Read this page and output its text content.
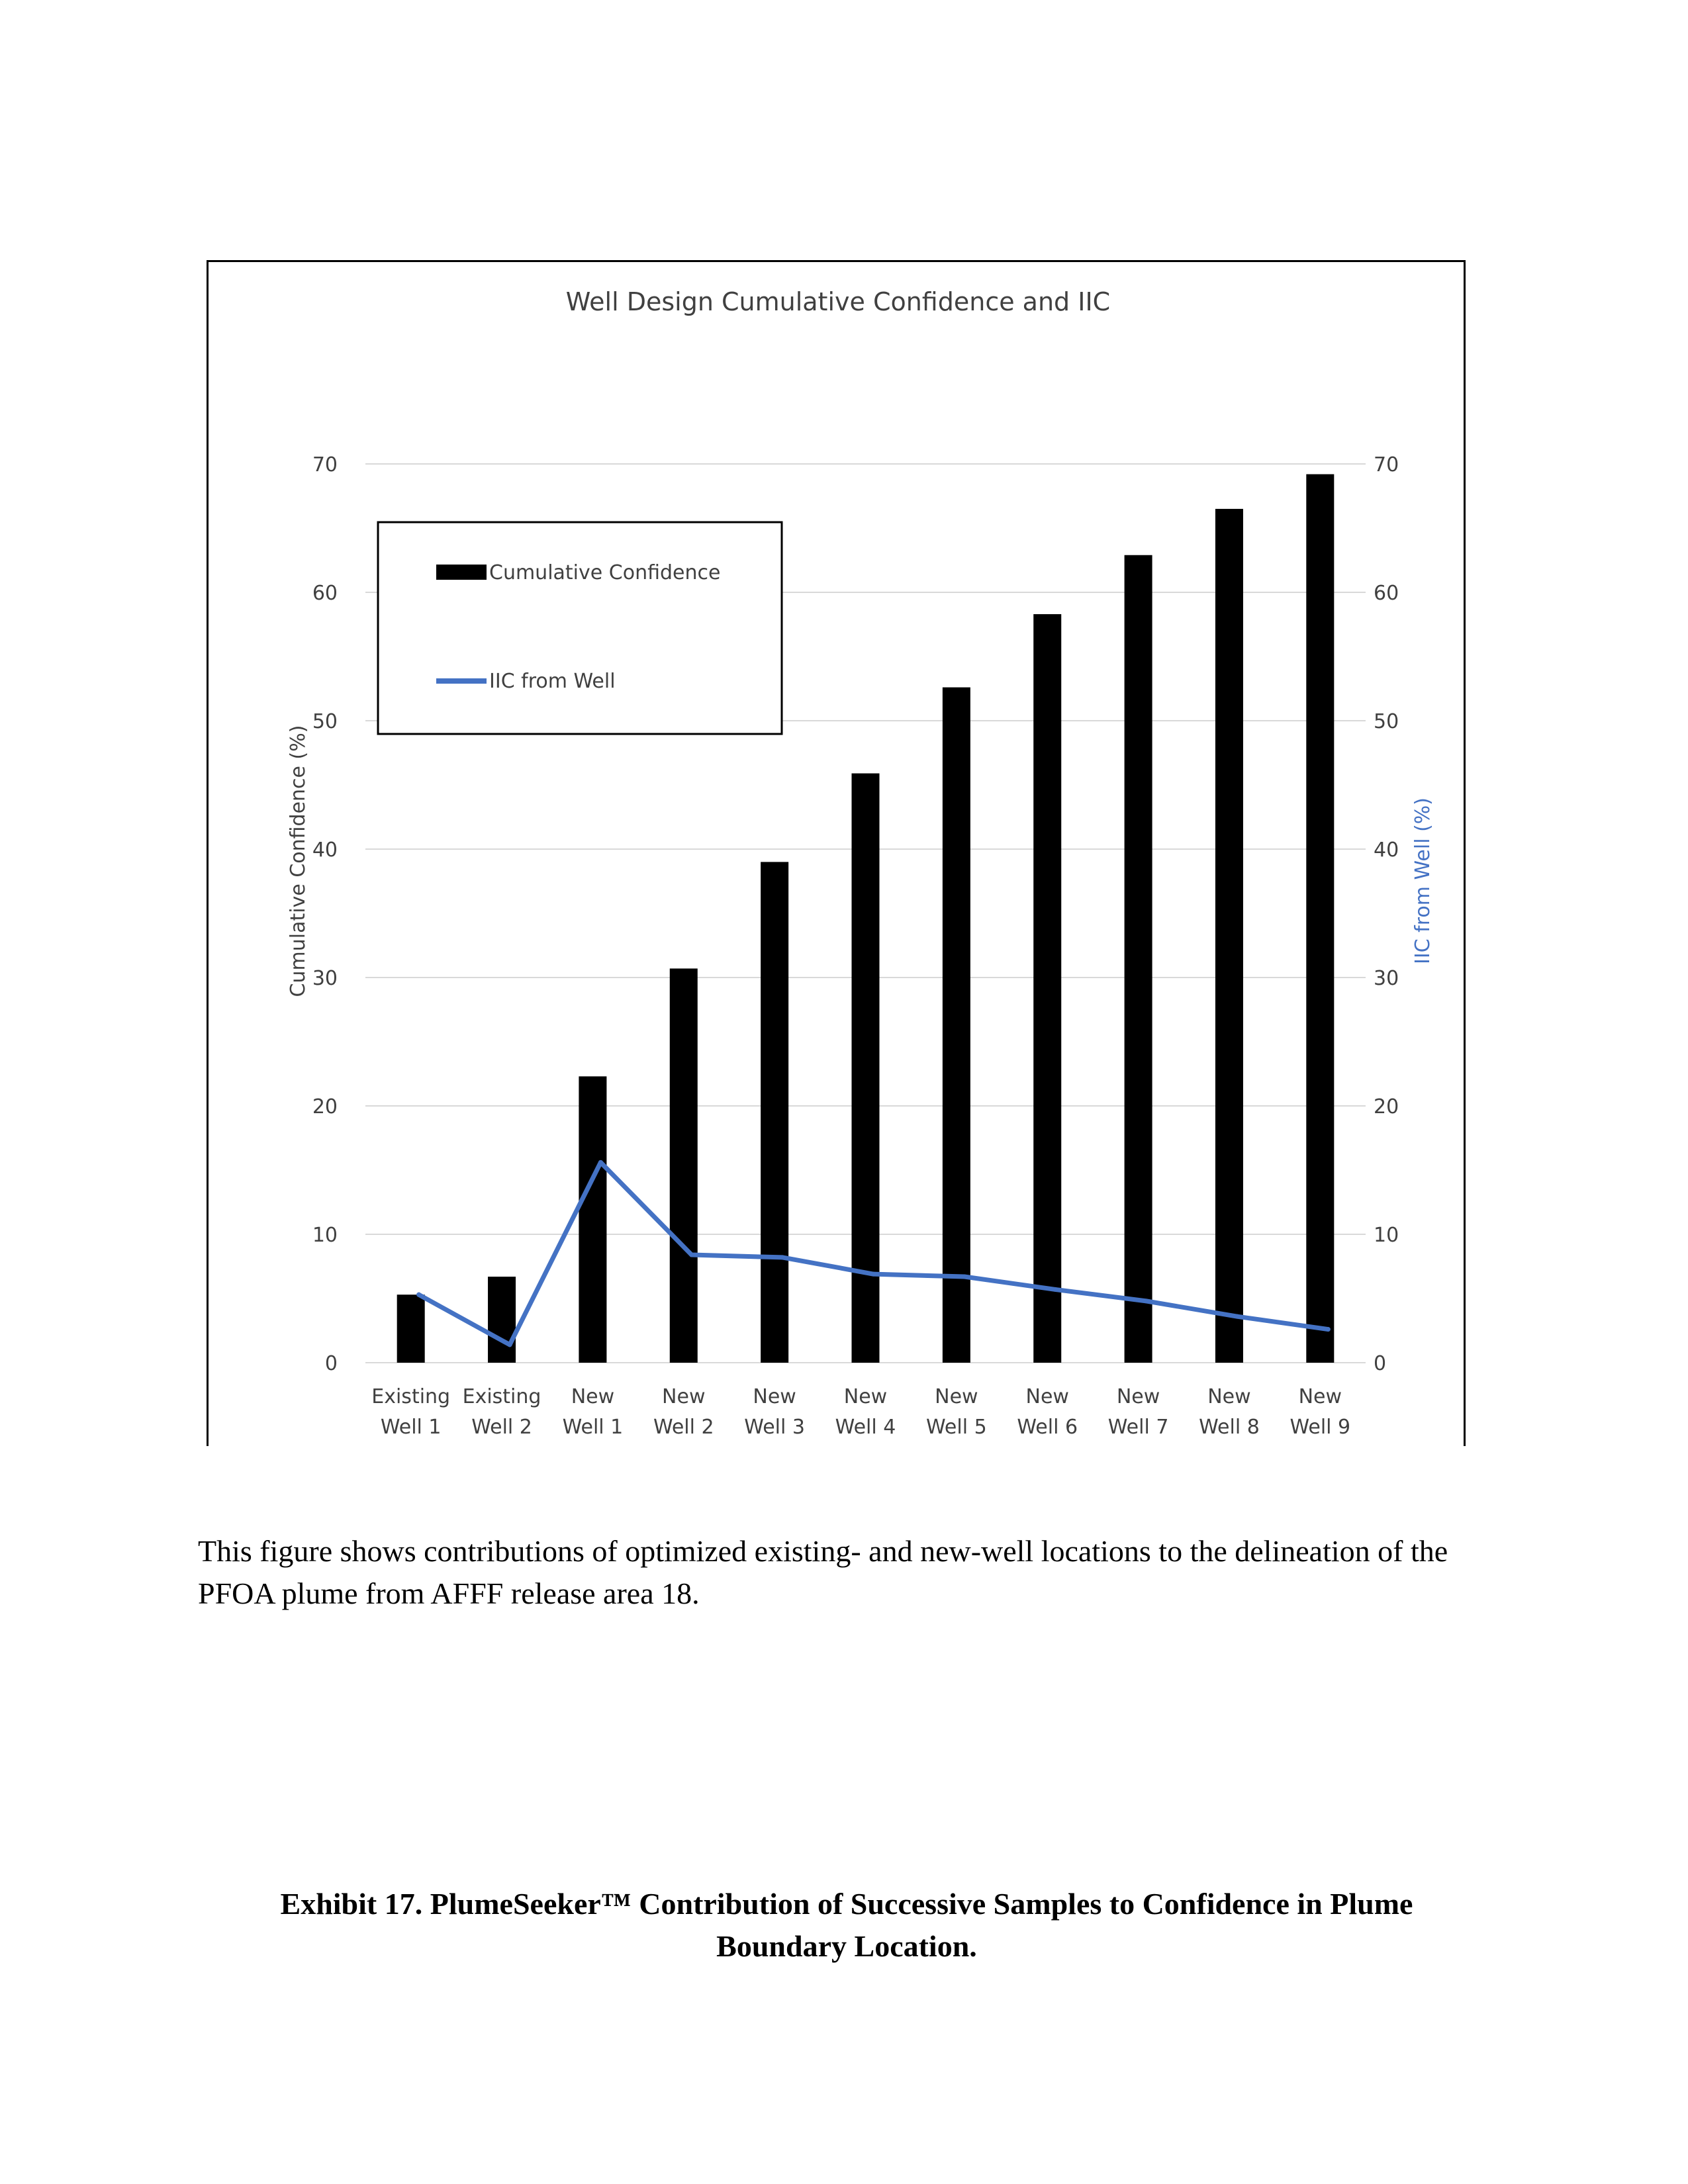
Well Design Cumulative Confidence and IIC
0
10
20
30
40
50
60
70
0
10
20
30
40
50
60
70
Cumulative Confidence (%)	IIC from Well (%)
Existing Well 1
Existing Well 2
New Well 1
New Well 2
New Well 3
New Well 4
New Well 5
New Well 6
New Well 7
New Well 8
New Well 9
Cumulative Confidence
IIC from Well
This figure shows contributions of optimized existing- and new-well locations to the delineation of the PFOA plume from AFFF release area 18.
Exhibit 17. PlumeSeeker™ Contribution of Successive Samples to Confidence in Plume
Boundary Location.
